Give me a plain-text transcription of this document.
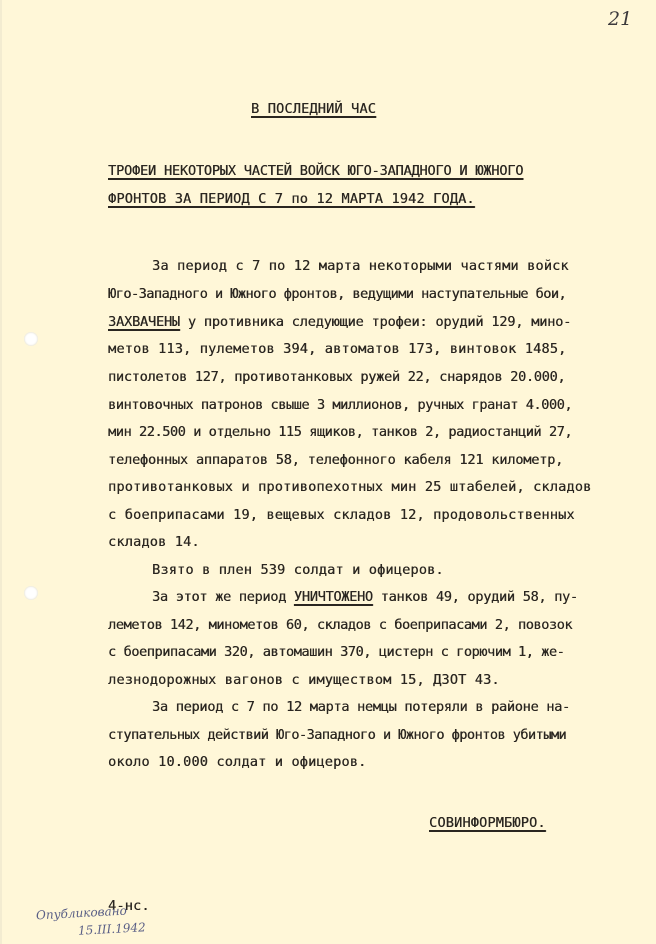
21
В ПОСЛЕДНИЙ ЧАС
ТРОФЕИ НЕКОТОРЫХ ЧАСТЕЙ ВОЙСК ЮГО-ЗАПАДНОГО И ЮЖНОГО
ФРОНТОВ ЗА ПЕРИОД С 7 по 12 МАРТА 1942 ГОДА.
За период с 7 по 12 марта некоторыми частями войск
Юго-Западного и Южного фронтов, ведущими наступательные бои,
ЗАХВАЧЕНЫ у противника следующие трофеи: орудий 129, мино-
метов 113, пулеметов 394, автоматов 173, винтовок 1485,
пистолетов 127, противотанковых ружей 22, снарядов 20.000,
винтовочных патронов свыше 3 миллионов, ручных гранат 4.000,
мин 22.500 и отдельно 115 ящиков, танков 2, радиостанций 27,
телефонных аппаратов 58, телефонного кабеля 121 километр,
противотанковых и противопехотных мин 25 штабелей, складов
с боеприпасами 19, вещевых складов 12, продовольственных
складов 14.
Взято в плен 539 солдат и офицеров.
За этот же период УНИЧТОЖЕНО танков 49, орудий 58, пу-
леметов 142, минометов 60, складов с боеприпасами 2, повозок
с боеприпасами 320, автомашин 370, цистерн с горючим 1, же-
лезнодорожных вагонов с имуществом 15, ДЗОТ 43.
За период с 7 по 12 марта немцы потеряли в районе на-
ступательных действий Юго-Западного и Южного фронтов убитыми
около 10.000 солдат и офицеров.
СОВИНФОРМБЮРО.
4-нс.
Опубликовано
15.III.1942
